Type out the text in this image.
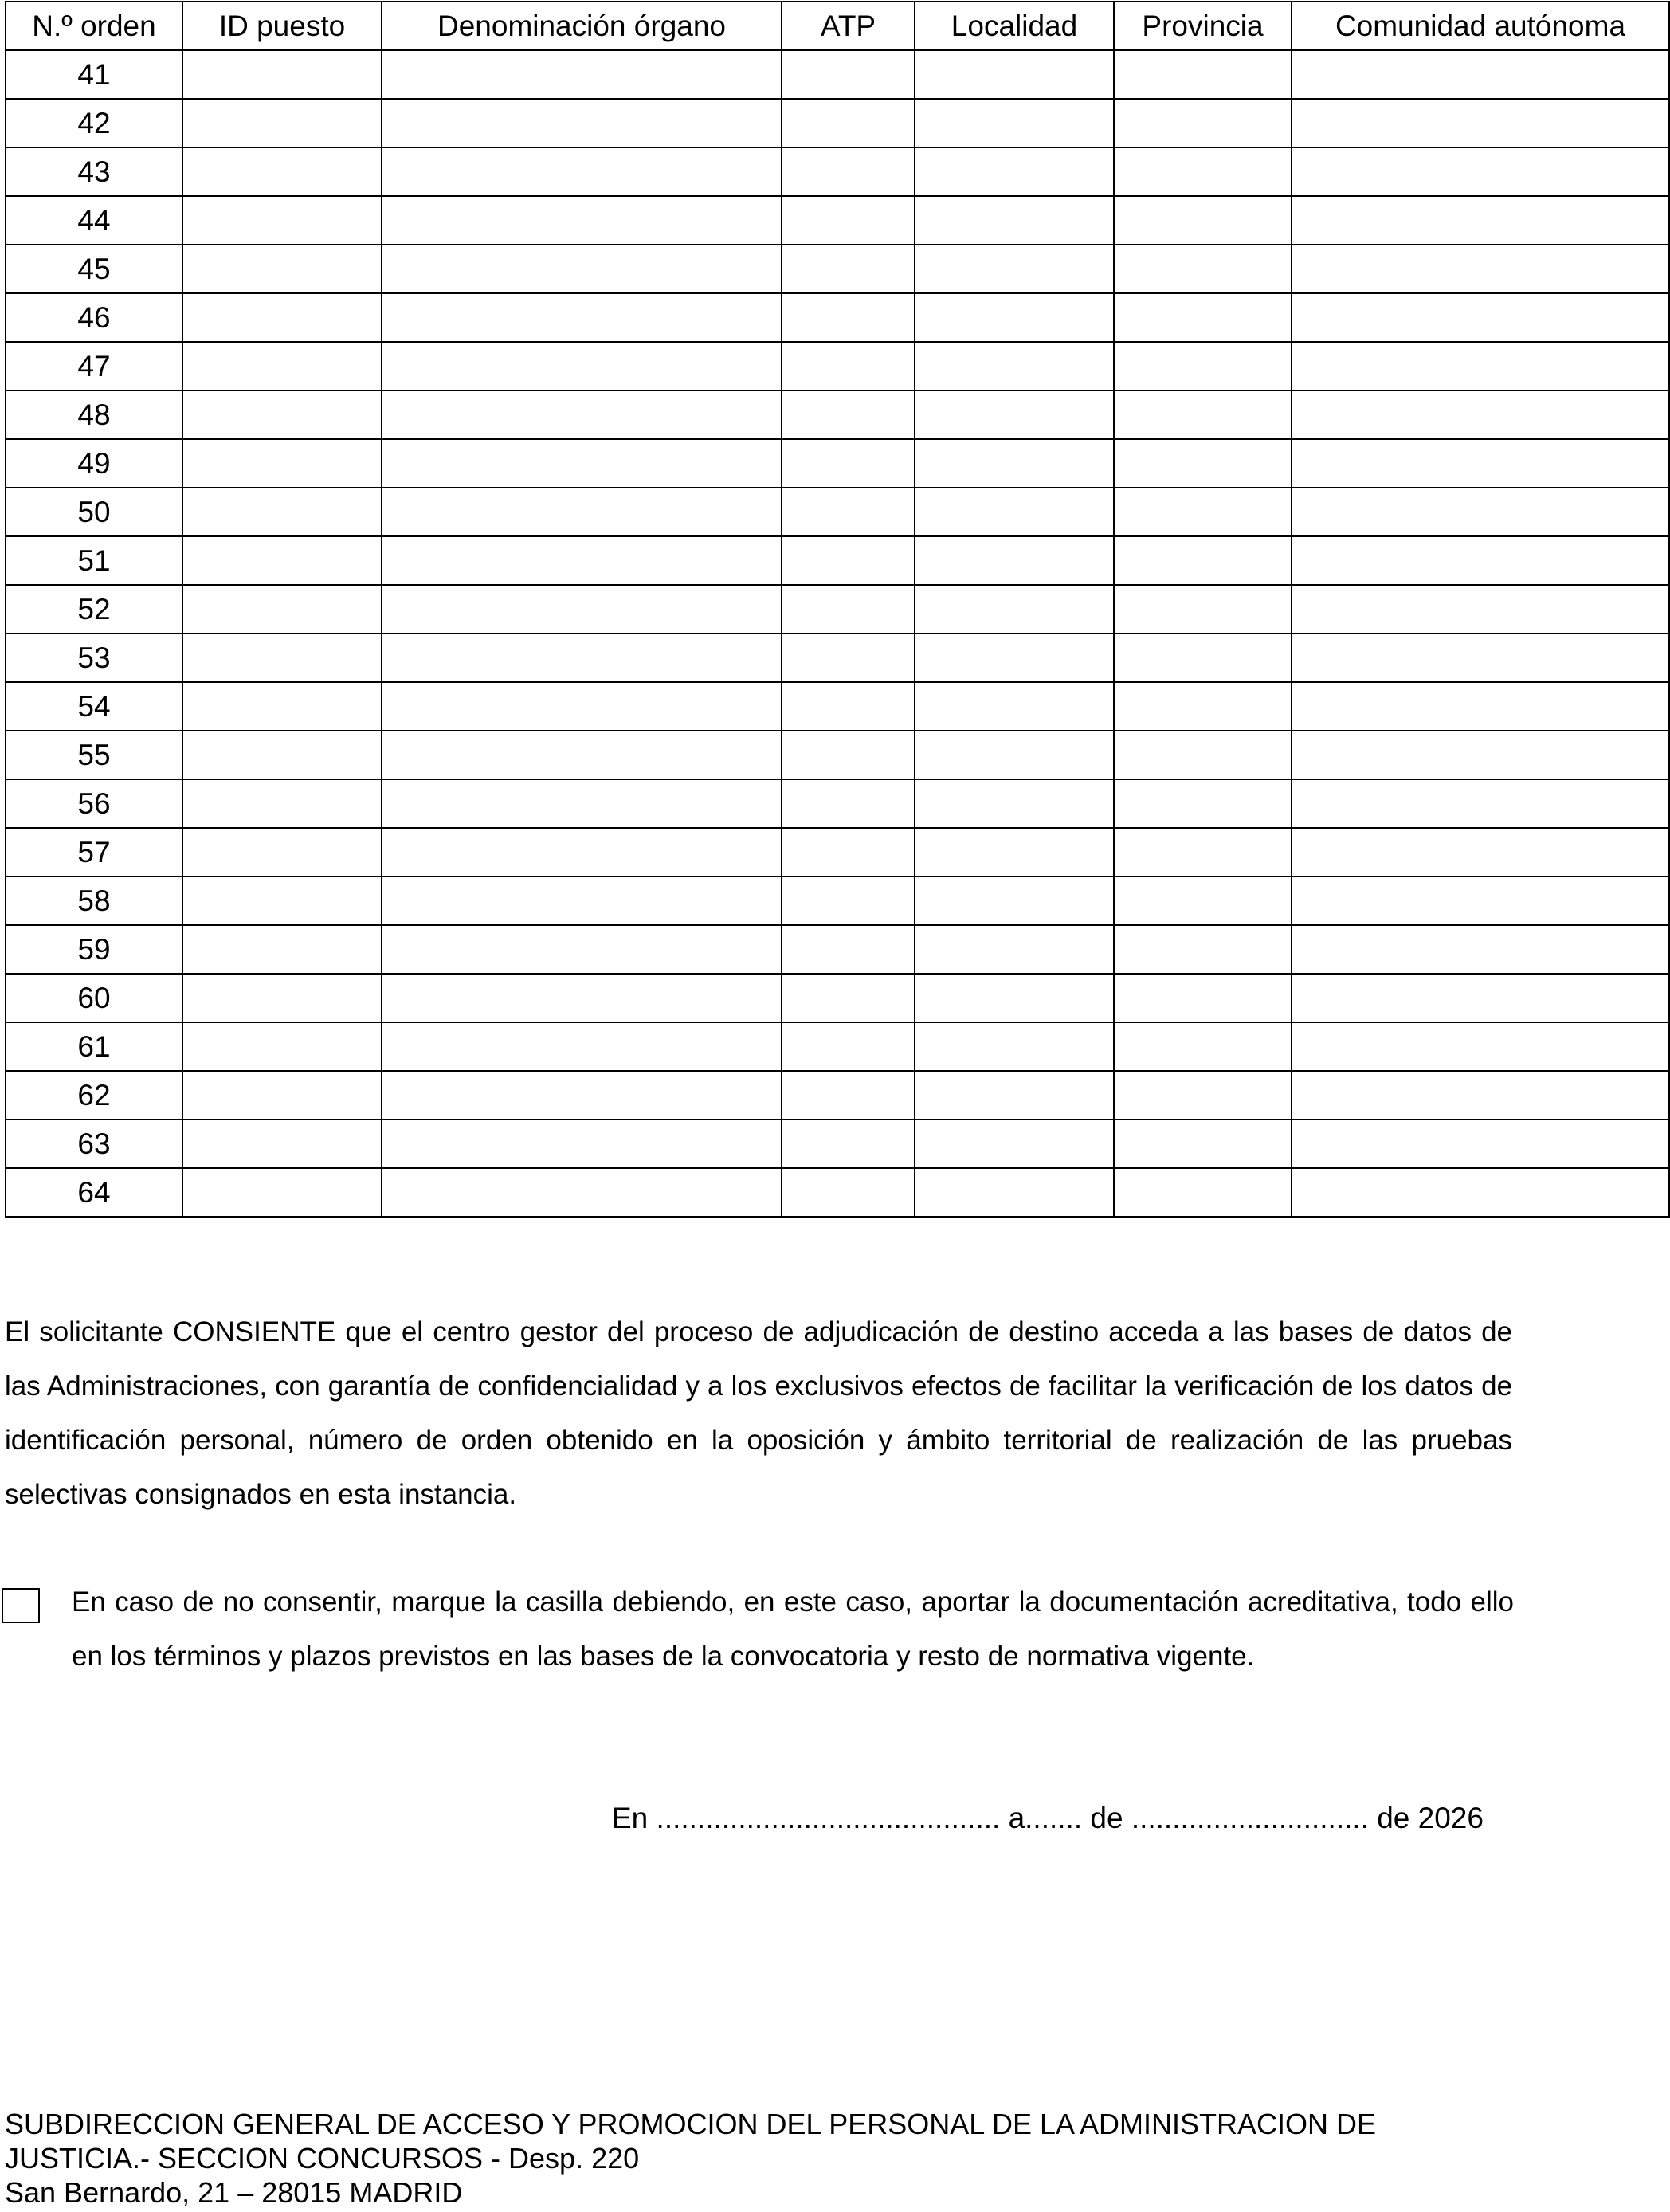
N.º orden	ID puesto	Denominación órgano	ATP	Localidad	Provincia	Comunidad autónoma
41						
42						
43						
44						
45						
46						
47						
48						
49						
50						
51						
52						
53						
54						
55						
56						
57						
58						
59						
60						
61						
62						
63						
64						

El solicitante CONSIENTE que el centro gestor del proceso de adjudicación de destino acceda a las bases de datos de las Administraciones, con garantía de confidencialidad y a los exclusivos efectos de facilitar la verificación de los datos de identificación personal, número de orden obtenido en la oposición y ámbito territorial de realización de las pruebas selectivas consignados en esta instancia.

En caso de no consentir, marque la casilla debiendo, en este caso, aportar la documentación acreditativa, todo ello en los términos y plazos previstos en las bases de la convocatoria y resto de normativa vigente.

En .......................................... a....... de ............................. de 2026

SUBDIRECCION GENERAL DE ACCESO Y PROMOCION DEL PERSONAL DE LA ADMINISTRACION DE
JUSTICIA.- SECCION CONCURSOS - Desp. 220
San Bernardo, 21 – 28015 MADRID
